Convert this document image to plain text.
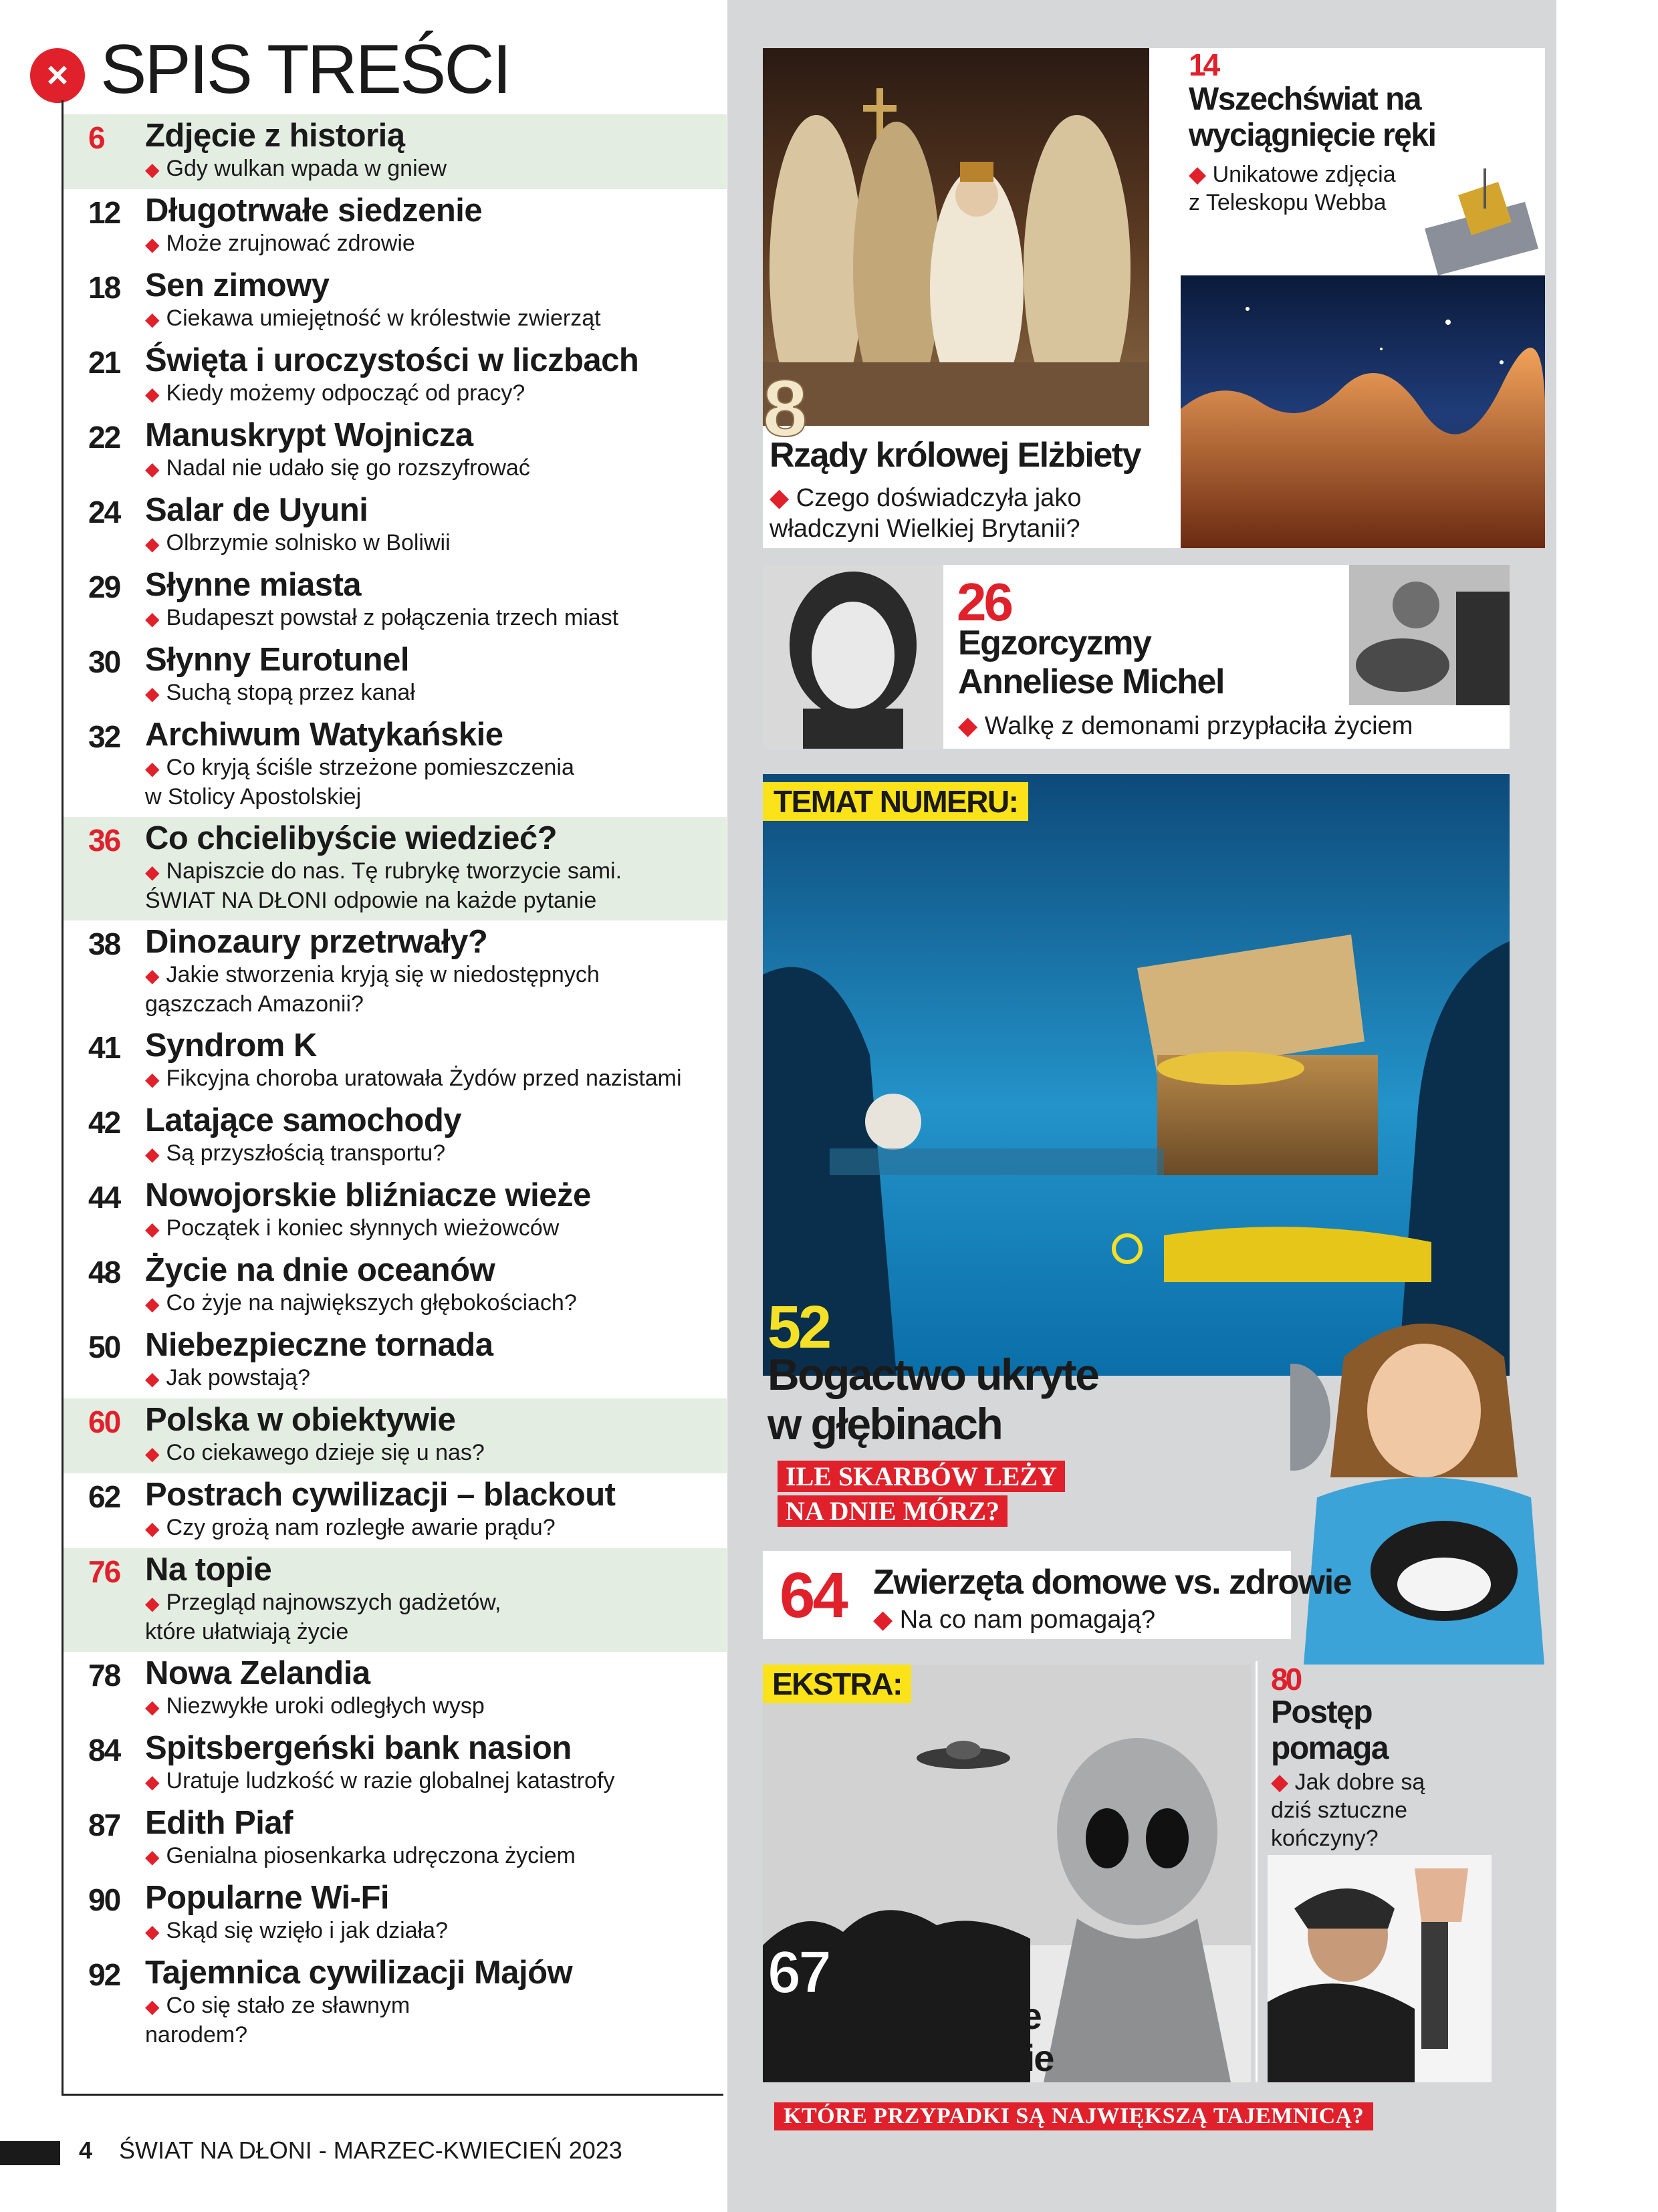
× SPIS TREŚCI
6 Zdjęcie z historią
◆ Gdy wulkan wpada w gniew
12 Długotrwałe siedzenie
◆ Może zrujnować zdrowie
18 Sen zimowy
◆ Ciekawa umiejętność w królestwie zwierząt
21 Święta i uroczystości w liczbach
◆ Kiedy możemy odpocząć od pracy?
22 Manuskrypt Wojnicza
◆ Nadal nie udało się go rozszyfrować
24 Salar de Uyuni
◆ Olbrzymie solnisko w Boliwii
29 Słynne miasta
◆ Budapeszt powstał z połączenia trzech miast
30 Słynny Eurotunel
◆ Suchą stopą przez kanał
32 Archiwum Watykańskie
◆ Co kryją ściśle strzeżone pomieszczenia
w Stolicy Apostolskiej
36 Co chcielibyście wiedzieć?
◆ Napiszcie do nas. Tę rubrykę tworzycie sami.
ŚWIAT NA DŁONI odpowie na każde pytanie
38 Dinozaury przetrwały?
◆ Jakie stworzenia kryją się w niedostępnych
gąszczach Amazonii?
41 Syndrom K
◆ Fikcyjna choroba uratowała Żydów przed nazistami
42 Latające samochody
◆ Są przyszłością transportu?
44 Nowojorskie bliźniacze wieże
◆ Początek i koniec słynnych wieżowców
48 Życie na dnie oceanów
◆ Co żyje na największych głębokościach?
50 Niebezpieczne tornada
◆ Jak powstają?
60 Polska w obiektywie
◆ Co ciekawego dzieje się u nas?
62 Postrach cywilizacji – blackout
◆ Czy grożą nam rozległe awarie prądu?
76 Na topie
◆ Przegląd najnowszych gadżetów,
które ułatwiają życie
78 Nowa Zelandia
◆ Niezwykłe uroki odległych wysp
84 Spitsbergeński bank nasion
◆ Uratuje ludzkość w razie globalnej katastrofy
87 Edith Piaf
◆ Genialna piosenkarka udręczona życiem
90 Popularne Wi-Fi
◆ Skąd się wzięło i jak działa?
92 Tajemnica cywilizacji Majów
◆ Co się stało ze sławnym
narodem?
4 ŚWIAT NA DŁONI - MARZEC-KWIECIEŃ 2023
8
Rządy królowej Elżbiety
◆ Czego doświadczyła jako
władczyni Wielkiej Brytanii?
14
Wszechświat na
wyciągnięcie ręki
◆ Unikatowe zdjęcia
z Teleskopu Webba
26
Egzorcyzmy
Anneliese Michel
◆ Walkę z demonami przypłaciła życiem
TEMAT NUMERU:
52
Bogactwo ukryte
w głębinach
ILE SKARBÓW LEŻY
NA DNIE MÓRZ?
64 Zwierzęta domowe vs. zdrowie
◆ Na co nam pomagają?
EKSTRA:
67
Zainteresowanie
UFO znów rośnie
KTÓRE PRZYPADKI SĄ NAJWIĘKSZĄ TAJEMNICĄ?
80
Postęp
pomaga
◆ Jak dobre są
dziś sztuczne
kończyny?
